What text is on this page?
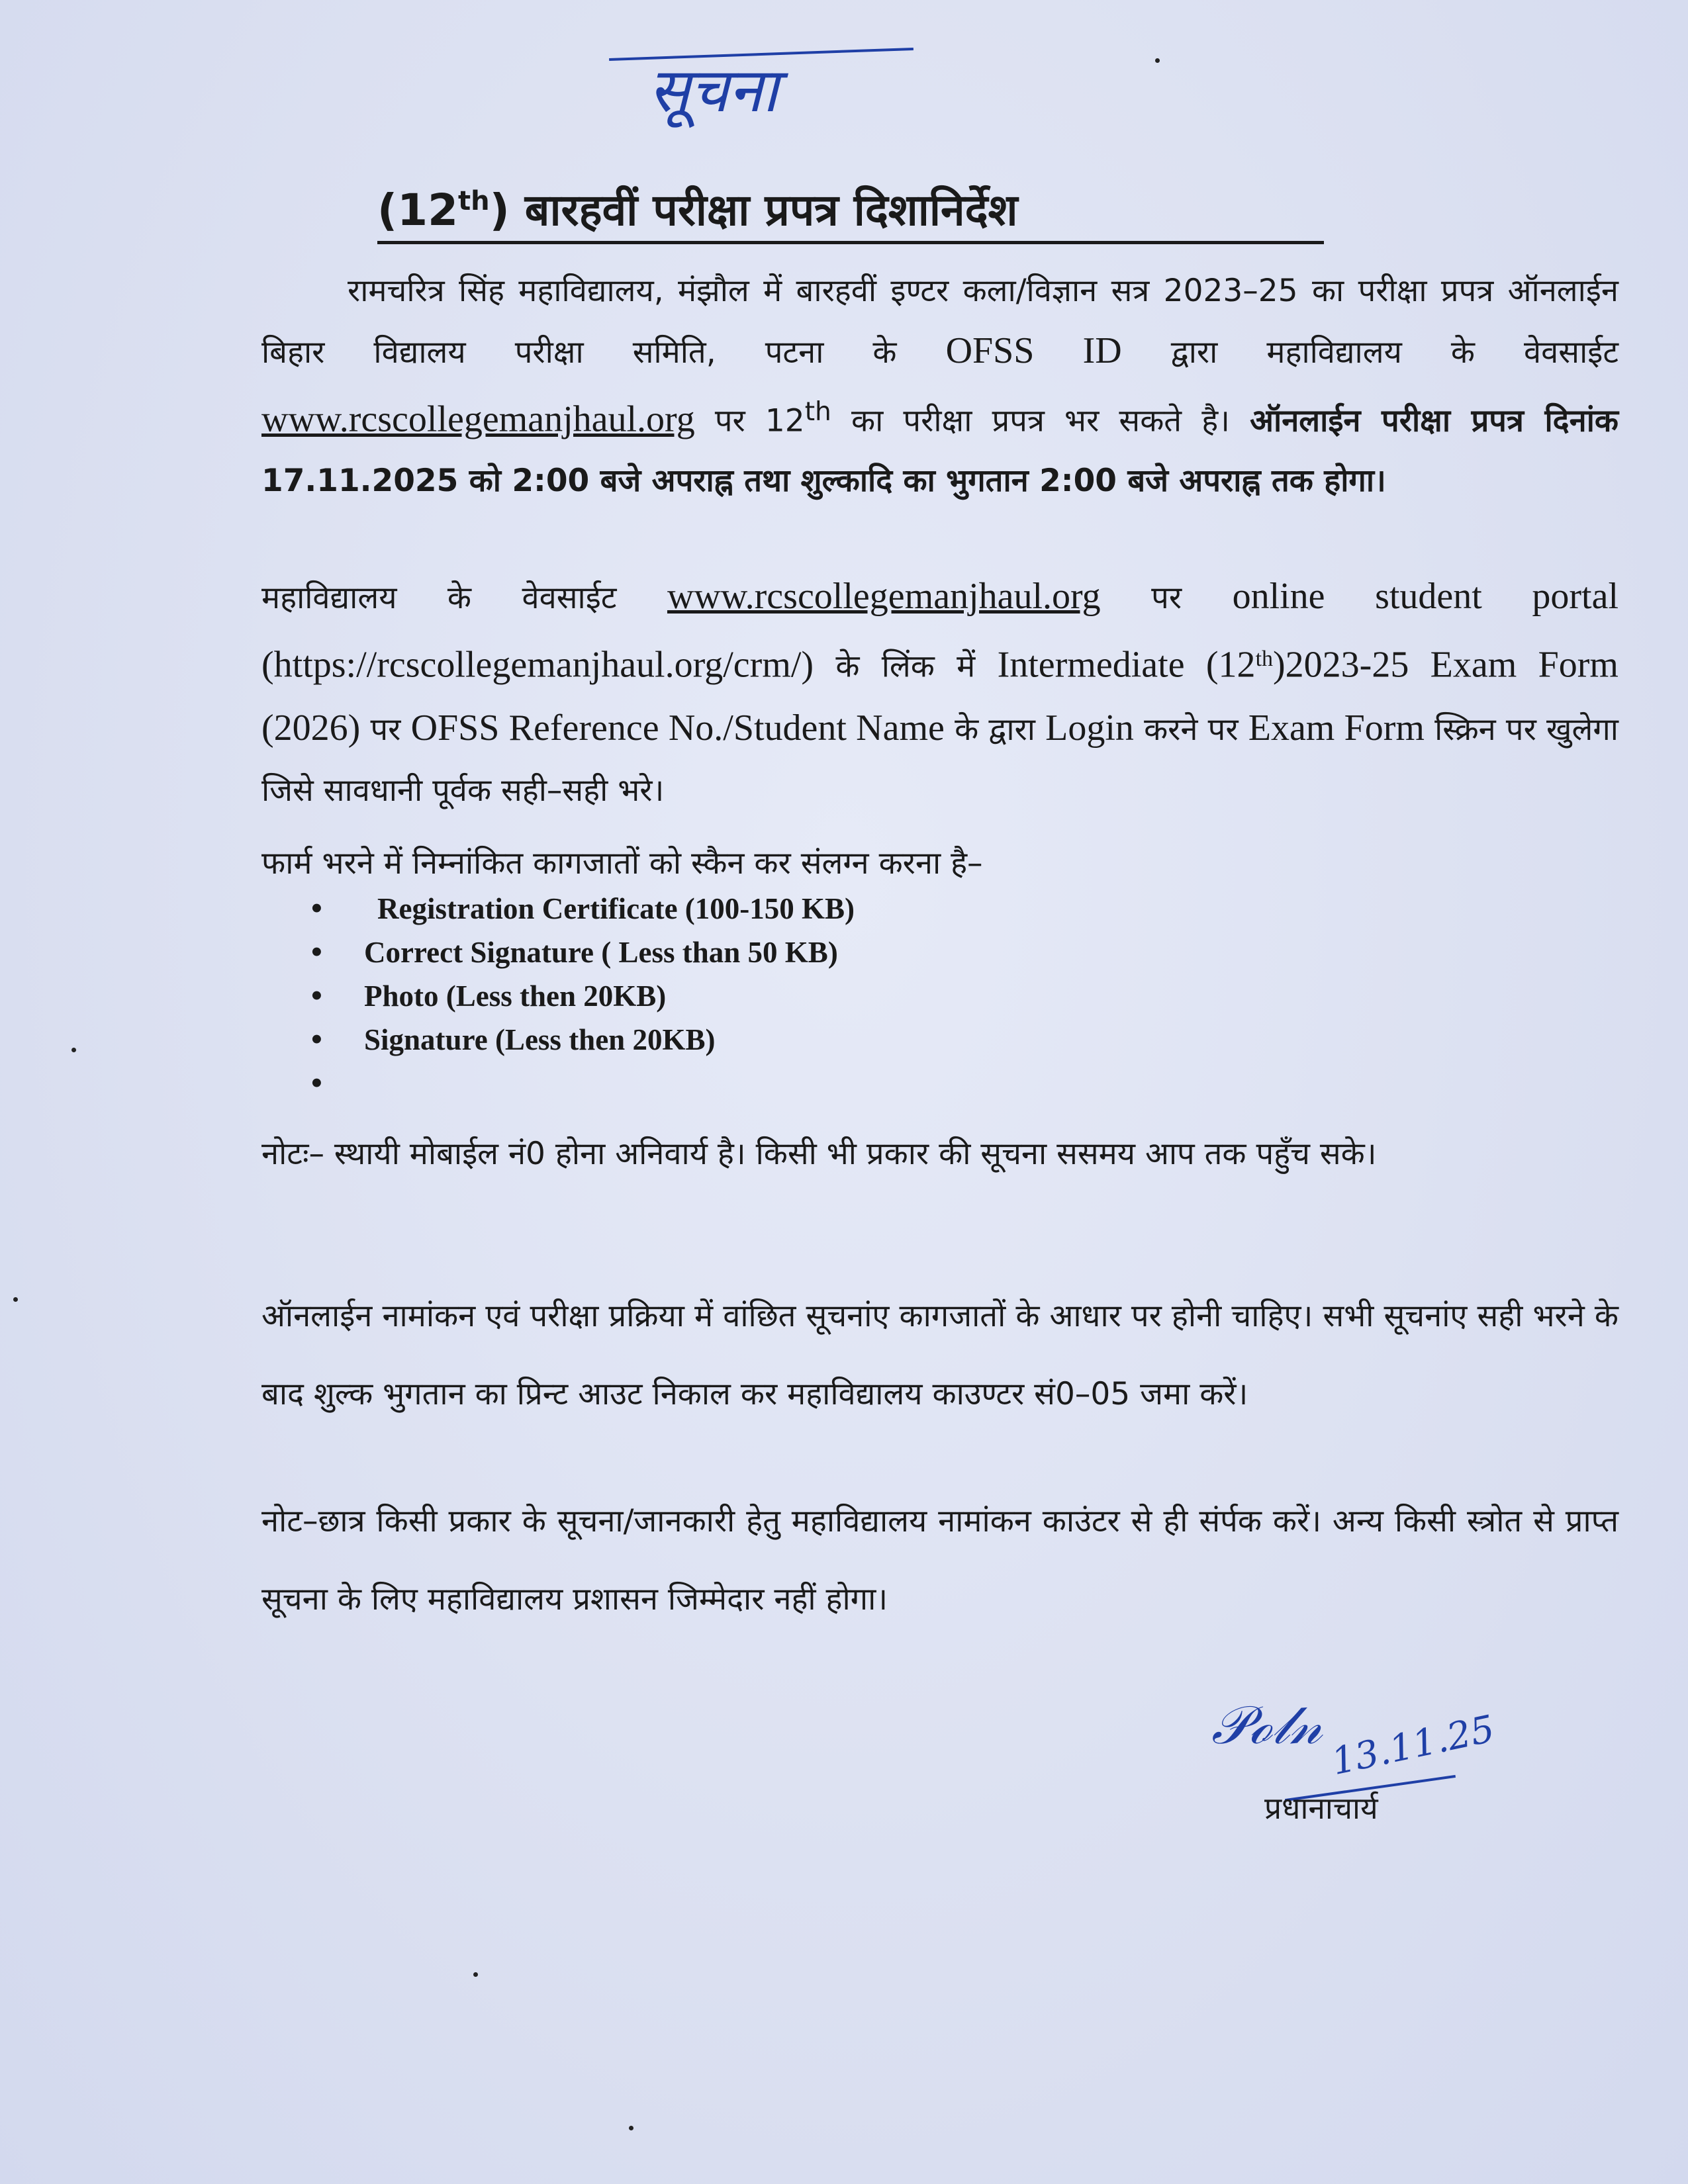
सूचना
(12th) बारहवीं परीक्षा प्रपत्र दिशानिर्देश
रामचरित्र सिंह महाविद्यालय, मंझौल में बारहवीं इण्टर कला/विज्ञान सत्र 2023–25 का परीक्षा प्रपत्र ऑनलाईन बिहार विद्यालय परीक्षा समिति, पटना के OFSS ID द्वारा महाविद्यालय के वेवसाईट www.rcscollegemanjhaul.org पर 12th का परीक्षा प्रपत्र भर सकते है। ऑनलाईन परीक्षा प्रपत्र दिनांक 17.11.2025 को 2:00 बजे अपराह्न तथा शुल्कादि का भुगतान 2:00 बजे अपराह्न तक होगा।
महाविद्यालय के वेवसाईट www.rcscollegemanjhaul.org पर online student portal (https://rcscollegemanjhaul.org/crm/) के लिंक में Intermediate (12th)2023-25 Exam Form (2026) पर OFSS Reference No./Student Name के द्वारा Login करने पर Exam Form स्क्रिन पर खुलेगा जिसे सावधानी पूर्वक सही–सही भरे।
फार्म भरने में निम्नांकित कागजातों को स्कैन कर संलग्न करना है–
• Registration Certificate (100-150 KB)
• Correct Signature ( Less than 50 KB)
• Photo (Less then 20KB)
• Signature (Less then 20KB)
•
नोटः– स्थायी मोबाईल नं0 होना अनिवार्य है। किसी भी प्रकार की सूचना ससमय आप तक पहुँच सके।
ऑनलाईन नामांकन एवं परीक्षा प्रक्रिया में वांछित सूचनांए कागजातों के आधार पर होनी चाहिए। सभी सूचनांए सही भरने के बाद शुल्क भुगतान का प्रिन्ट आउट निकाल कर महाविद्यालय काउण्टर सं0–05 जमा करें।
नोट–छात्र किसी प्रकार के सूचना/जानकारी हेतु महाविद्यालय नामांकन काउंटर से ही संर्पक करें। अन्य किसी स्त्रोत से प्राप्त सूचना के लिए महाविद्यालय प्रशासन जिम्मेदार नहीं होगा।
𝒫ℴ𝓁𝓃 13.11.25
प्रधानाचार्य
